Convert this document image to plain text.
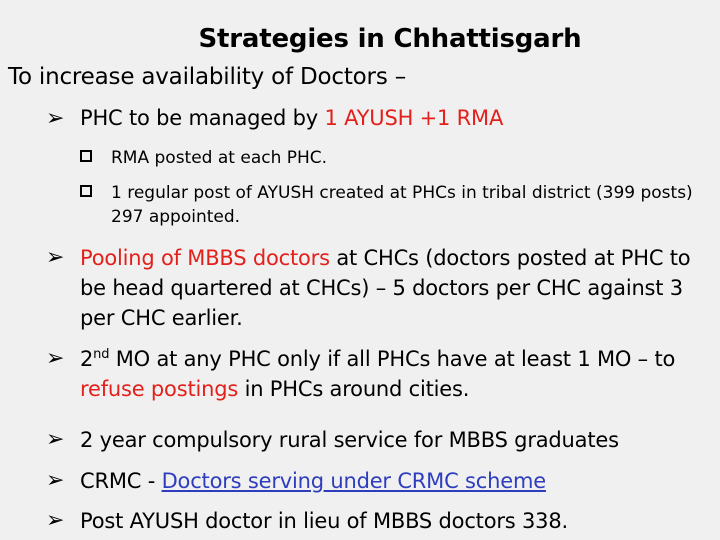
Strategies in Chhattisgarh
To increase availability of Doctors –
➢ PHC to be managed by 1 AYUSH +1 RMA
RMA posted at each PHC.
1 regular post of AYUSH created at PHCs in tribal district (399 posts) 297 appointed.
➢ Pooling of MBBS doctors at CHCs (doctors posted at PHC to be head quartered at CHCs) – 5 doctors per CHC against 3 per CHC earlier.
➢ 2nd MO at any PHC only if all PHCs have at least 1 MO – to refuse postings in PHCs around cities.
➢ 2 year compulsory rural service for MBBS graduates
➢ CRMC - Doctors serving under CRMC scheme
➢ Post AYUSH doctor in lieu of MBBS doctors 338.
